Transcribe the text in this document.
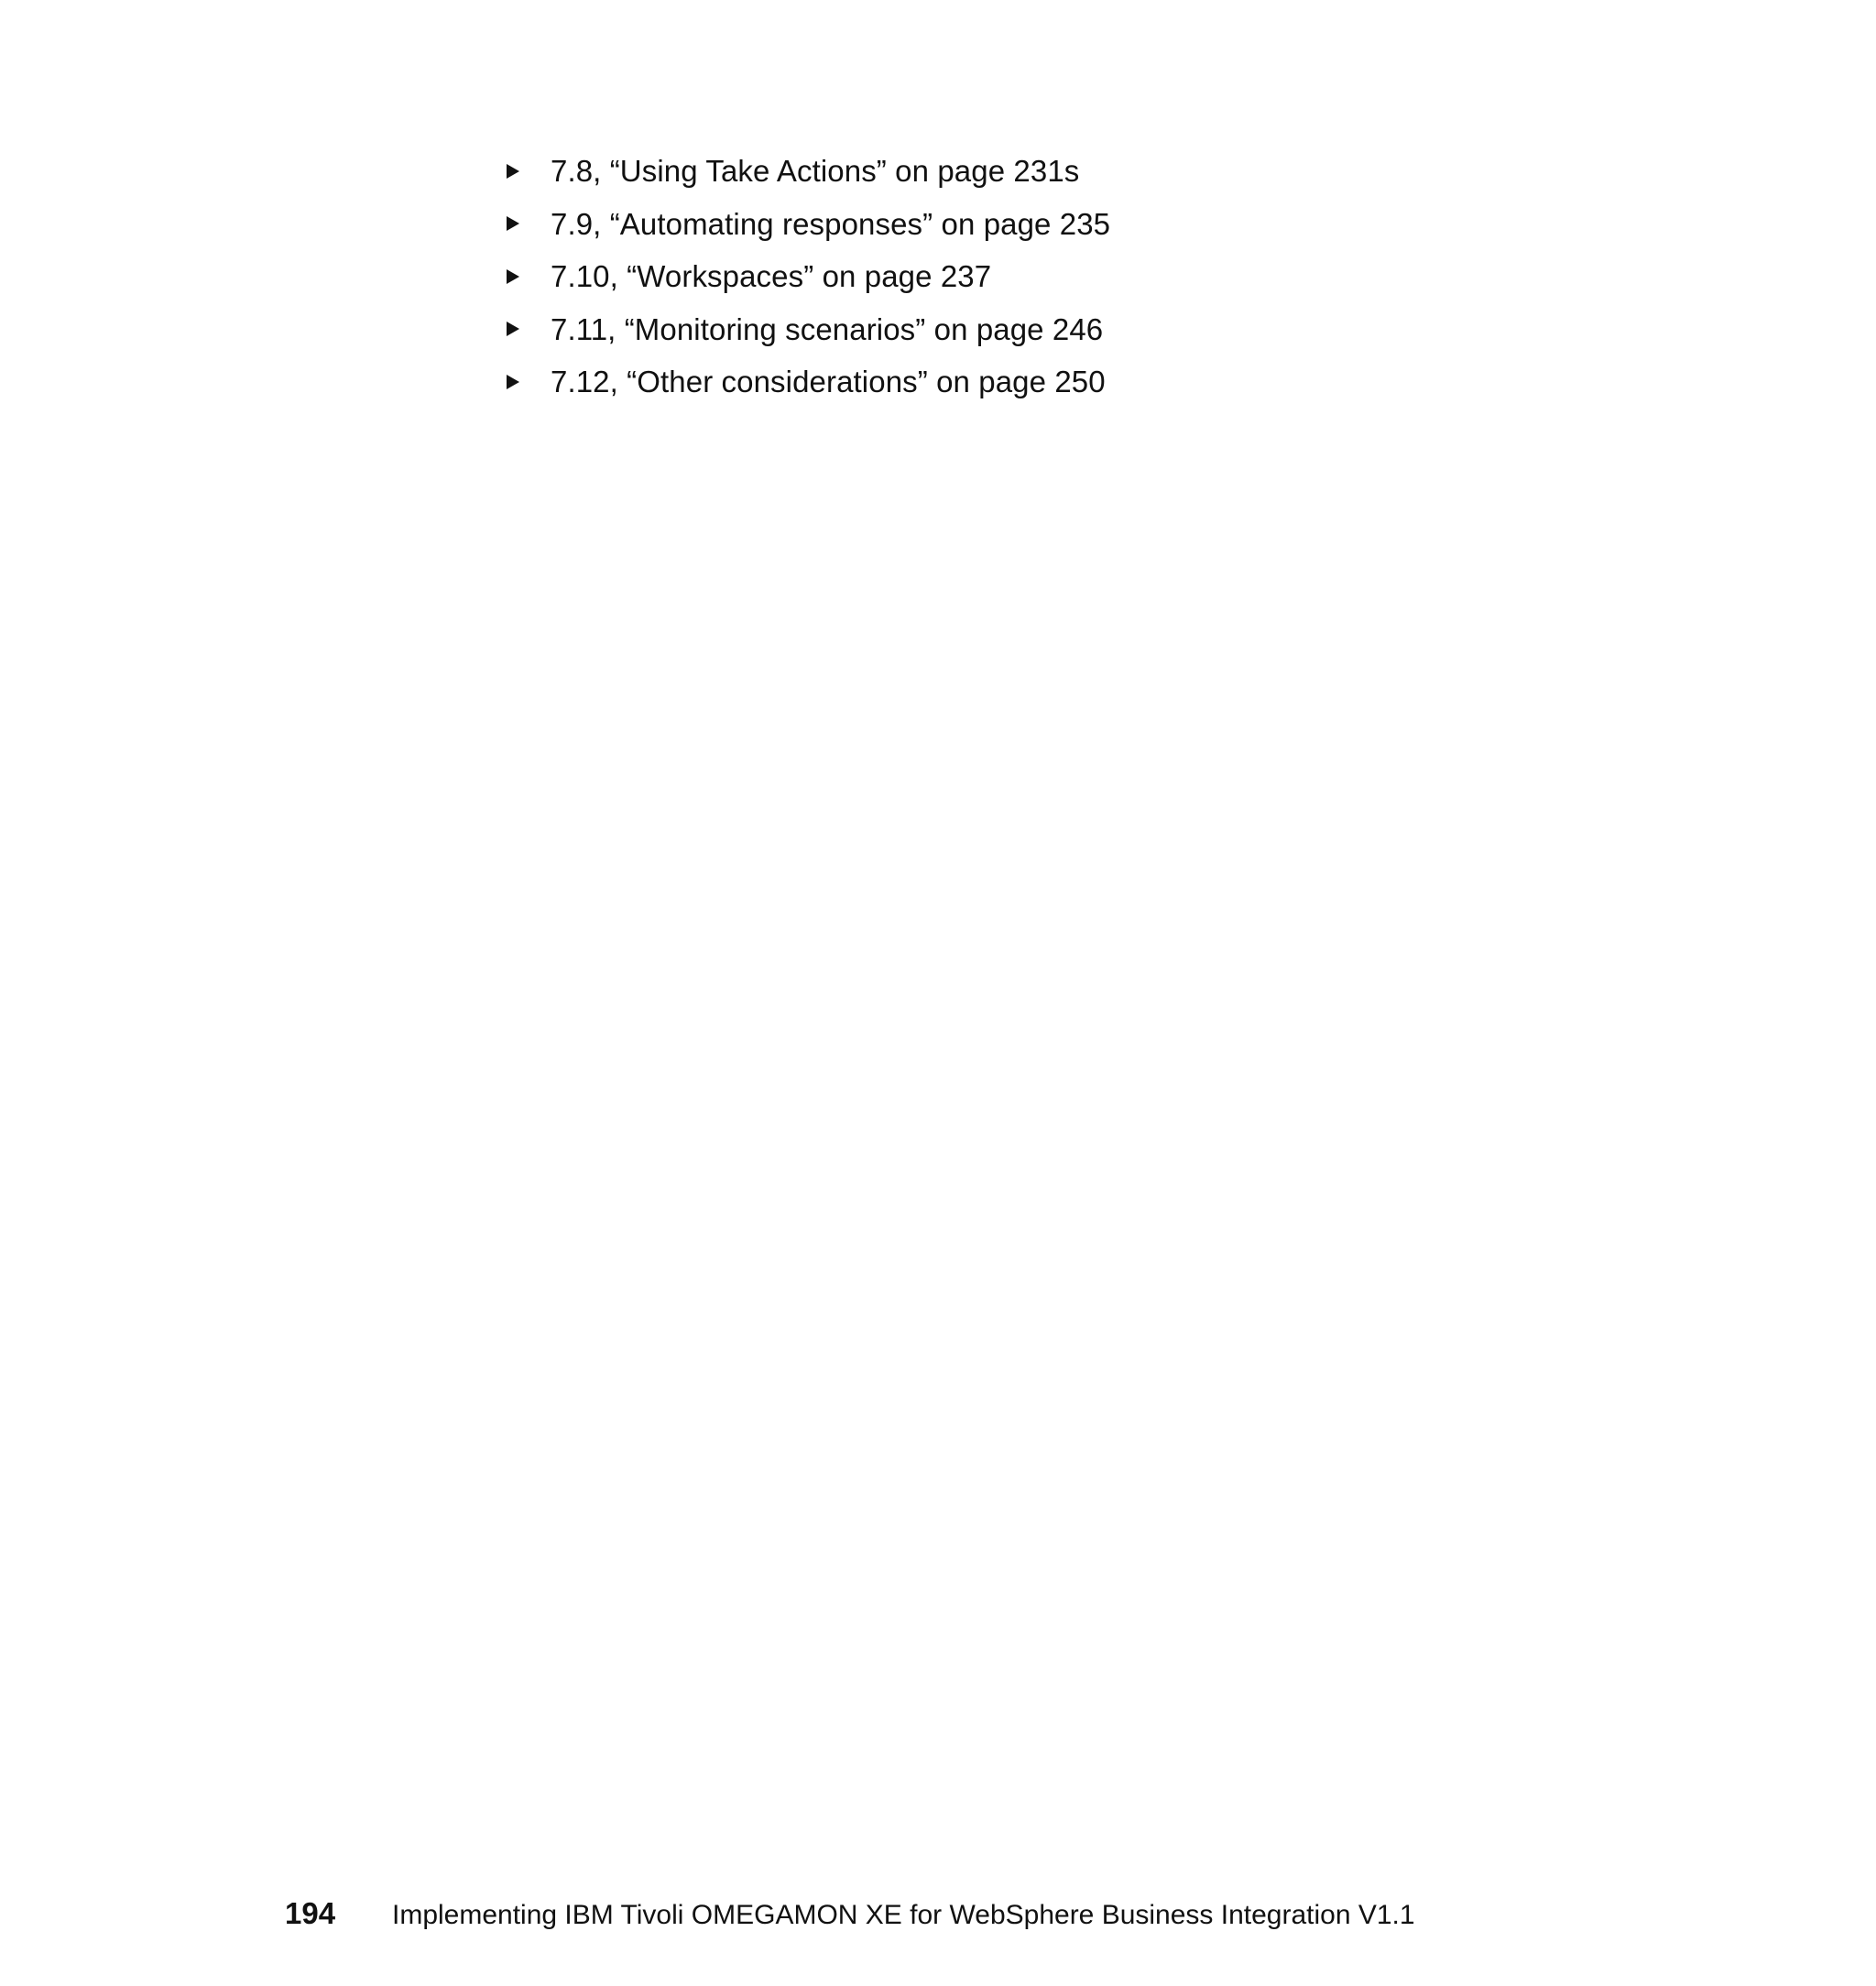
7.8, “Using Take Actions” on page 231s
7.9, “Automating responses” on page 235
7.10, “Workspaces” on page 237
7.11, “Monitoring scenarios” on page 246
7.12, “Other considerations” on page 250
194	Implementing IBM Tivoli OMEGAMON XE for WebSphere Business Integration V1.1
